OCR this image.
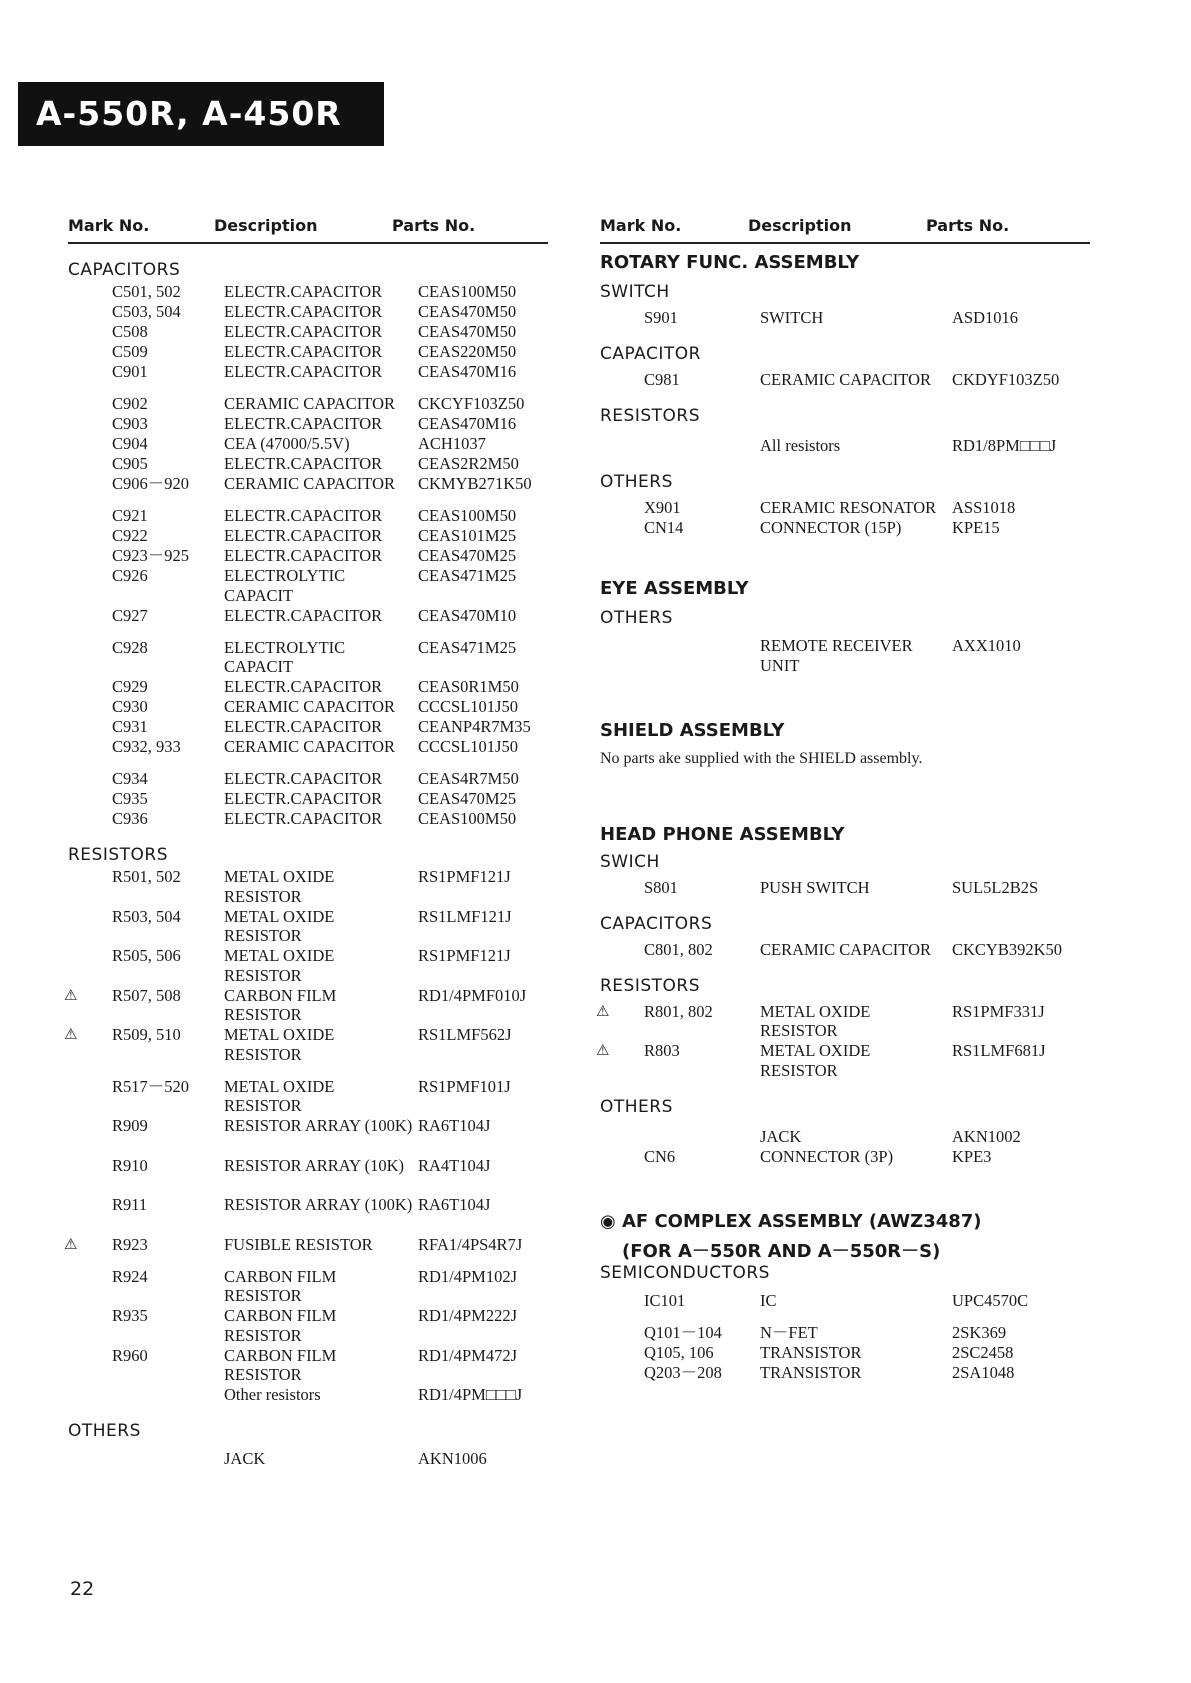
A-550R, A-450R
Mark No.	Description	Parts No.
CAPACITORS
C501, 502	ELECTR.CAPACITOR	CEAS100M50
C503, 504	ELECTR.CAPACITOR	CEAS470M50
C508	ELECTR.CAPACITOR	CEAS470M50
C509	ELECTR.CAPACITOR	CEAS220M50
C901	ELECTR.CAPACITOR	CEAS470M16
C902	CERAMIC CAPACITOR	CKCYF103Z50
C903	ELECTR.CAPACITOR	CEAS470M16
C904	CEA (47000/5.5V)	ACH1037
C905	ELECTR.CAPACITOR	CEAS2R2M50
C906－920 CERAMIC CAPACITOR	CKMYB271K50
C921	ELECTR.CAPACITOR	CEAS100M50
C922	ELECTR.CAPACITOR	CEAS101M25
C923－925 ELECTR.CAPACITOR	CEAS470M25
C926	ELECTROLYTIC CAPACIT
CEAS471M25
C927	ELECTR.CAPACITOR	CEAS470M10
C928	ELECTROLYTIC CAPACIT
CEAS471M25
C929	ELECTR.CAPACITOR	CEAS0R1M50
C930	CERAMIC CAPACITOR	CCCSL101J50
C931	ELECTR.CAPACITOR	CEANP4R7M35
C932, 933	CERAMIC CAPACITOR	CCCSL101J50
C934	ELECTR.CAPACITOR	CEAS4R7M50
C935	ELECTR.CAPACITOR	CEAS470M25
C936	ELECTR.CAPACITOR	CEAS100M50
RESISTORS
R501, 502	METAL OXIDE RESISTOR
RS1PMF121J
R503, 504	METAL OXIDE RESISTOR
RS1LMF121J
R505, 506	METAL OXIDE RESISTOR
RS1PMF121J
⚠ R507, 508	CARBON FILM RESISTOR
RD1/4PMF010J
⚠ R509, 510	METAL OXIDE RESISTOR
RS1LMF562J
R517－520 METAL OXIDE RESISTOR
RS1PMF101J
R909	RESISTOR ARRAY (100K) RA6T104J
R910	RESISTOR ARRAY (10K) RA4T104J
R911	RESISTOR ARRAY (100K) RA6T104J
⚠ R923	FUSIBLE RESISTOR	RFA1/4PS4R7J
R924	CARBON FILM RESISTOR
RD1/4PM102J
R935	CARBON FILM RESISTOR
RD1/4PM222J
R960	CARBON FILM RESISTOR
RD1/4PM472J
Other resistors	RD1/4PM□□□J
OTHERS
JACK	AKN1006
Mark No.	Description	Parts No.
ROTARY FUNC. ASSEMBLY
SWITCH
S901	SWITCH	ASD1016
CAPACITOR
C981	CERAMIC CAPACITOR	CKDYF103Z50
RESISTORS
All resistors	RD1/8PM□□□J
OTHERS
X901	CERAMIC RESONATOR ASS1018
CN14	CONNECTOR (15P)	KPE15
EYE ASSEMBLY
OTHERS
REMOTE RECEIVER UNIT
AXX1010
SHIELD ASSEMBLY
No parts ake supplied with the SHIELD assembly.
HEAD PHONE ASSEMBLY
SWICH
S801	PUSH SWITCH	SUL5L2B2S
CAPACITORS
C801, 802	CERAMIC CAPACITOR	CKCYB392K50
RESISTORS
⚠ R801, 802	METAL OXIDE RESISTOR
RS1PMF331J
⚠ R803	METAL OXIDE RESISTOR
RS1LMF681J
OTHERS
JACK	AKN1002
CN6	CONNECTOR (3P)	KPE3
◉ AF COMPLEX ASSEMBLY (AWZ3487)
(FOR A－550R AND A－550R－S)
SEMICONDUCTORS
IC101	IC	UPC4570C
Q101－104 N－FET	2SK369
Q105, 106	TRANSISTOR	2SC2458
Q203－208 TRANSISTOR	2SA1048
22
